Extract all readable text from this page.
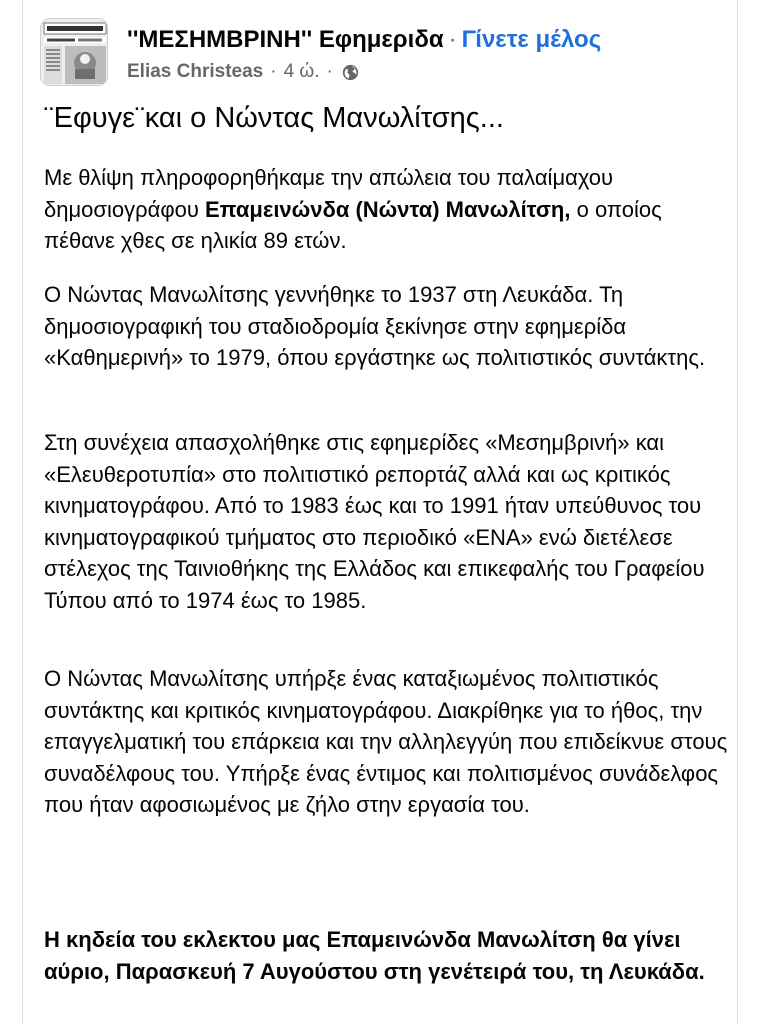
''ΜΕΣΗΜΒΡΙΝΗ'' Εφημεριδα · Γίνετε μέλος
Elias Christeas · 4 ώ. ·
¨Εφυγε¨και ο Νώντας Μανωλίτσης...

Με θλίψη πληροφορηθήκαμε την απώλεια του παλαίμαχου δημοσιογράφου Επαμεινώνδα (Νώντα) Μανωλίτση, ο οποίος πέθανε χθες σε ηλικία 89 ετών.

Ο Νώντας Μανωλίτσης γεννήθηκε το 1937 στη Λευκάδα. Τη δημοσιογραφική του σταδιοδρομία ξεκίνησε στην εφημερίδα «Καθημερινή» το 1979, όπου εργάστηκε ως πολιτιστικός συντάκτης.

Στη συνέχεια απασχολήθηκε στις εφημερίδες «Μεσημβρινή» και «Ελευθεροτυπία» στο πολιτιστικό ρεπορτάζ αλλά και ως κριτικός κινηματογράφου. Από το 1983 έως και το 1991 ήταν υπεύθυνος του κινηματογραφικού τμήματος στο περιοδικό «ΕΝΑ» ενώ διετέλεσε στέλεχος της Ταινιοθήκης της Ελλάδος και επικεφαλής του Γραφείου Τύπου από το 1974 έως το 1985.

Ο Νώντας Μανωλίτσης υπήρξε ένας καταξιωμένος πολιτιστικός συντάκτης και κριτικός κινηματογράφου. Διακρίθηκε για το ήθος, την επαγγελματική του επάρκεια και την αλληλεγγύη που επιδείκνυε στους συναδέλφους του. Υπήρξε ένας έντιμος και πολιτισμένος συνάδελφος που ήταν αφοσιωμένος με ζήλο στην εργασία του.

Η κηδεία του εκλεκτου μας Επαμεινώνδα Μανωλίτση θα γίνει αύριο, Παρασκευή 7 Αυγούστου στη γενέτειρά του, τη Λευκάδα.
